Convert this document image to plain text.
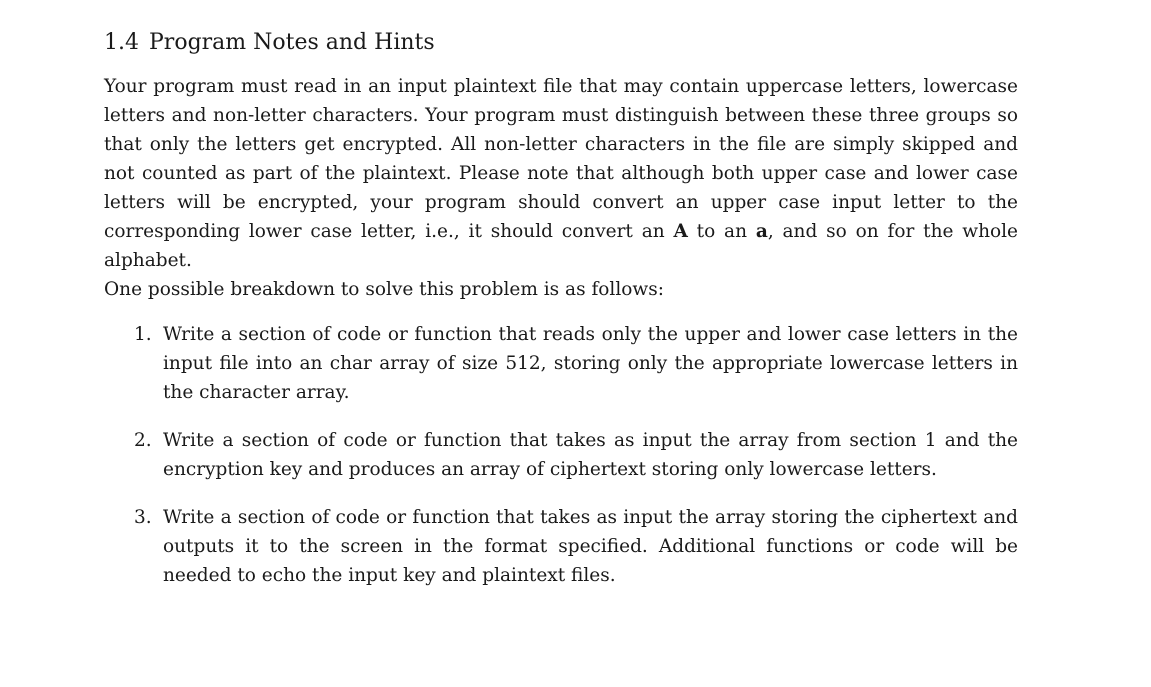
1.4 Program Notes and Hints

Your program must read in an input plaintext file that may contain uppercase letters, lowercase letters and non-letter characters. Your program must distinguish between these three groups so that only the letters get encrypted. All non-letter characters in the file are simply skipped and not counted as part of the plaintext. Please note that although both upper case and lower case letters will be encrypted, your program should convert an upper case input letter to the corresponding lower case letter, i.e., it should convert an A to an a, and so on for the whole alphabet.

One possible breakdown to solve this problem is as follows:

1. Write a section of code or function that reads only the upper and lower case letters in the input file into an char array of size 512, storing only the appropriate lowercase letters in the character array.
2. Write a section of code or function that takes as input the array from section 1 and the encryption key and produces an array of ciphertext storing only lowercase letters.
3. Write a section of code or function that takes as input the array storing the ciphertext and outputs it to the screen in the format specified. Additional functions or code will be needed to echo the input key and plaintext files.
